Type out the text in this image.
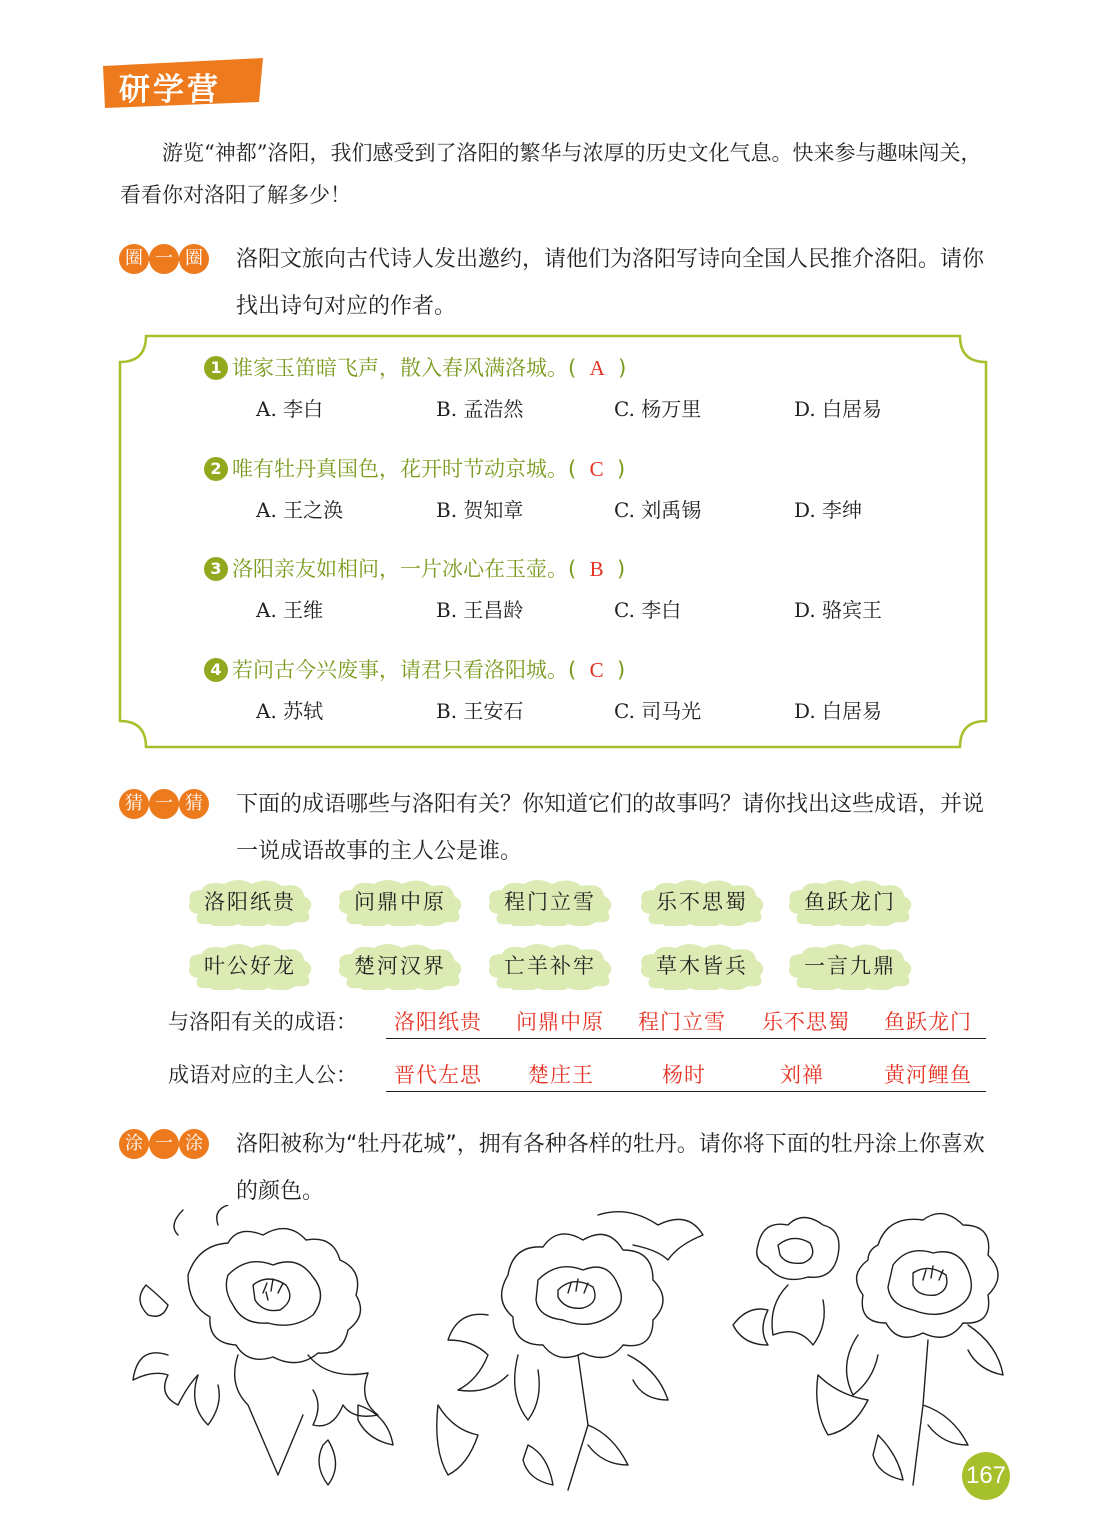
研学营
游览“神都”洛阳，我们感受到了洛阳的繁华与浓厚的历史文化气息。快来参与趣味闯关，看看你对洛阳了解多少！
圈 一 圈 洛阳文旅向古代诗人发出邀约，请他们为洛阳写诗向全国人民推介洛阳。请你找出诗句对应的作者。
1 谁家玉笛暗飞声，散入春风满洛城。( A )
A. 李白	B. 孟浩然	C. 杨万里	D. 白居易
2 唯有牡丹真国色，花开时节动京城。( C )
A. 王之涣	B. 贺知章	C. 刘禹锡	D. 李绅
3 洛阳亲友如相问，一片冰心在玉壶。( B )
A. 王维	B. 王昌龄	C. 李白	D. 骆宾王
4 若问古今兴废事，请君只看洛阳城。( C )
A. 苏轼	B. 王安石	C. 司马光	D. 白居易
猜 一 猜 下面的成语哪些与洛阳有关？你知道它们的故事吗？请你找出这些成语，并说一说成语故事的主人公是谁。
洛阳纸贵	问鼎中原	程门立雪	乐不思蜀	鱼跃龙门
叶公好龙	楚河汉界	亡羊补牢	草木皆兵	一言九鼎
与洛阳有关的成语： 洛阳纸贵 问鼎中原 程门立雪 乐不思蜀 鱼跃龙门
成语对应的主人公： 晋代左思 楚庄王	杨时	刘禅	黄河鲤鱼
涂 一 涂 洛阳被称为“牡丹花城”，拥有各种各样的牡丹。请你将下面的牡丹涂上你喜欢的颜色。
167
